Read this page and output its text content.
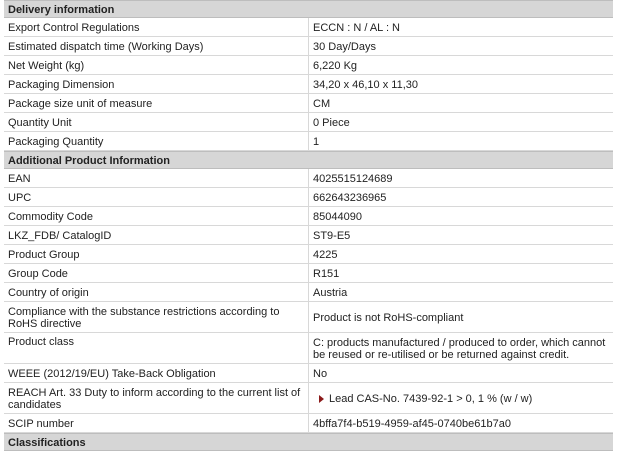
Delivery information
Export Control Regulations	ECCN : N / AL : N
Estimated dispatch time (Working Days)	30 Day/Days
Net Weight (kg)	6,220 Kg
Packaging Dimension	34,20 x 46,10 x 11,30
Package size unit of measure	CM
Quantity Unit	0 Piece
Packaging Quantity	1
Additional Product Information
EAN	4025515124689
UPC	662643236965
Commodity Code	85044090
LKZ_FDB/ CatalogID	ST9-E5
Product Group	4225
Group Code	R151
Country of origin	Austria
Compliance with the substance restrictions according to RoHS directive	Product is not RoHS-compliant
Product class	C: products manufactured / produced to order, which cannot be reused or re-utilised or be returned against credit.
WEEE (2012/19/EU) Take-Back Obligation	No
REACH Art. 33 Duty to inform according to the current list of candidates	Lead CAS-No. 7439-92-1 > 0, 1 % (w / w)
SCIP number	4bffa7f4-b519-4959-af45-0740be61b7a0
Classifications
